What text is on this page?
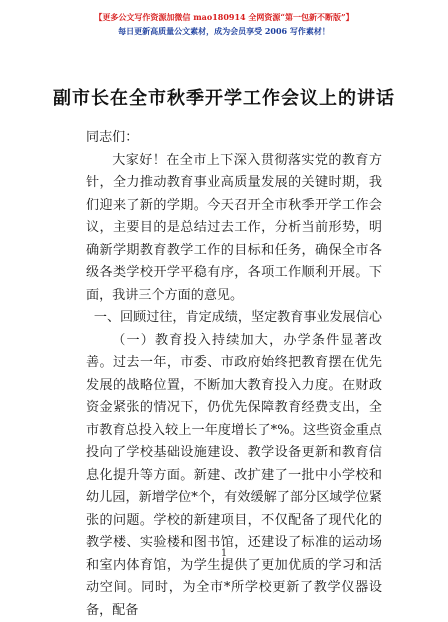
【更多公文写作资源加微信 mao180914 全网资源“第一包新不断版”】
每日更新高质量公文素材，成为会员享受 2006 写作素材！
副市长在全市秋季开学工作会议上的讲话

同志们：

大家好！在全市上下深入贯彻落实党的教育方针，全力推动教育事业高质量发展的关键时期，我们迎来了新的学期。今天召开全市秋季开学工作会议，主要目的是总结过去工作，分析当前形势，明确新学期教育教学工作的目标和任务，确保全市各级各类学校开学平稳有序，各项工作顺利开展。下面，我讲三个方面的意见。

一、回顾过往，肯定成绩，坚定教育事业发展信心

（一）教育投入持续加大，办学条件显著改善。过去一年，市委、市政府始终把教育摆在优先发展的战略位置，不断加大教育投入力度。在财政资金紧张的情况下，仍优先保障教育经费支出，全市教育总投入较上一年度增长了*%。这些资金重点投向了学校基础设施建设、教学设备更新和教育信息化提升等方面。新建、改扩建了一批中小学校和幼儿园，新增学位*个，有效缓解了部分区域学位紧张的问题。学校的新建项目，不仅配备了现代化的教学楼、实验楼和图书馆，还建设了标准的运动场和室内体育馆，为学生提供了更加优质的学习和活动空间。同时，为全市*所学校更新了教学仪器设备，配备

1
